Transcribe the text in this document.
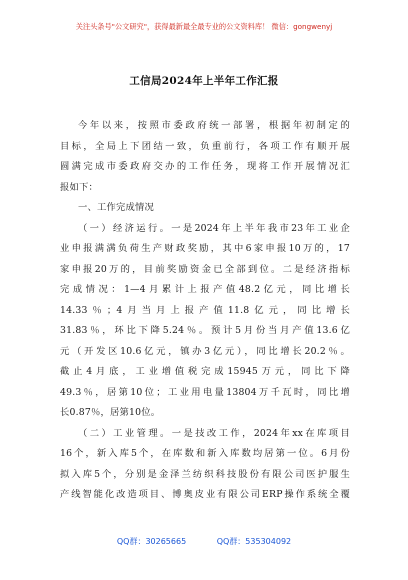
关注头条号"公文研究"，获得最新最全最专业的公文资料库！ 微信：gongwenyj
工信局2024年上半年工作汇报
今年以来，按照市委政府统一部署，根据年初制定的
目标，全局上下团结一致，负重前行，各项工作有顺开展
圆满完成市委政府交办的工作任务，现将工作开展情况汇
报如下：
一、工作完成情况
（一）经济运行。一是2024年上半年我市23年工业企
业申报满满负荷生产财政奖励，其中6家申报10万的，17
家申报20万的，目前奖励资金已全部到位。二是经济指标
完成情况：1—4月累计上报产值48.2亿元，同比增长
14.33％；4月当月上报产值11.8亿元，同比增长
31.83％，环比下降5.24％。预计5月份当月产值13.6亿
元（开发区10.6亿元，镇办3亿元），同比增长20.2％。
截止4月底，工业增值税完成15945万元，同比下降
49.3％，居第10位；工业用电量13804万千瓦时，同比增
长0.87％，居第10位。
（二）工业管理。一是技改工作，2024年xx在库项目
16个，新入库5个，在库数和新入库数均居第一位。6月份
拟入库5个，分别是金泽兰纺织科技股份有限公司医护服生
产线智能化改造项目、博奥皮业有限公司ERP操作系统全覆
QQ群：30265665	QQ群：535304092
